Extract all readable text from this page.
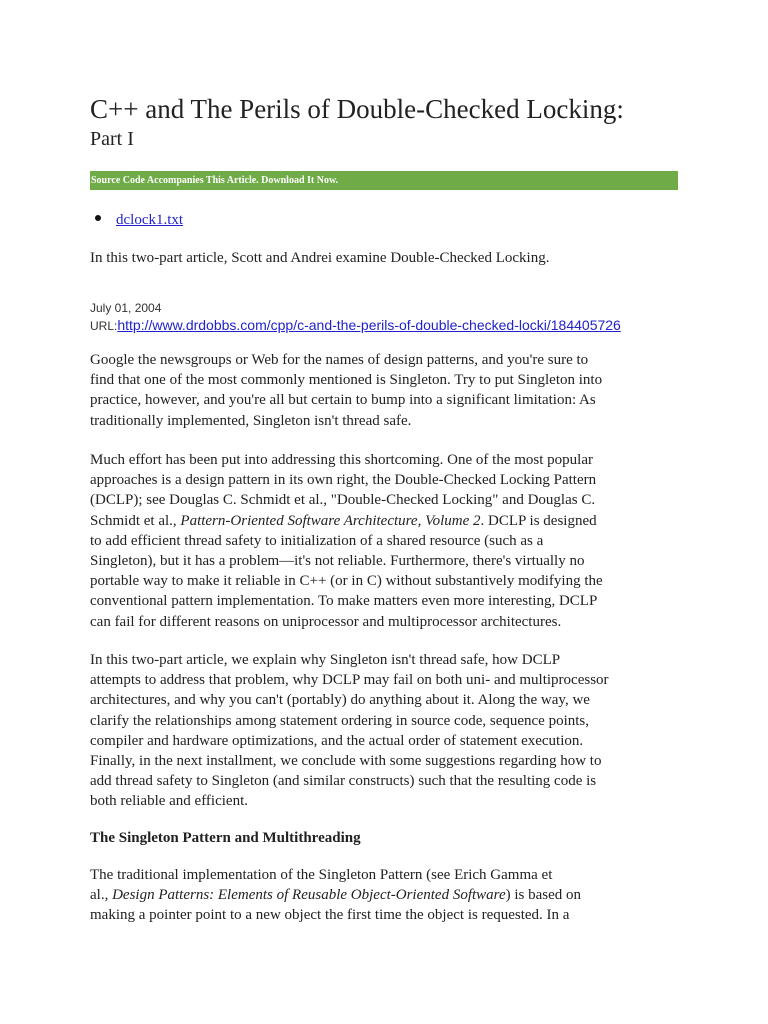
C++ and The Perils of Double-Checked Locking:
Part I
Source Code Accompanies This Article. Download It Now.
dclock1.txt
In this two-part article, Scott and Andrei examine Double-Checked Locking.
July 01, 2004
URL:http://www.drdobbs.com/cpp/c-and-the-perils-of-double-checked-locki/184405726
Google the newsgroups or Web for the names of design patterns, and you're sure to
find that one of the most commonly mentioned is Singleton. Try to put Singleton into
practice, however, and you're all but certain to bump into a significant limitation: As
traditionally implemented, Singleton isn't thread safe.
Much effort has been put into addressing this shortcoming. One of the most popular
approaches is a design pattern in its own right, the Double-Checked Locking Pattern
(DCLP); see Douglas C. Schmidt et al., "Double-Checked Locking" and Douglas C.
Schmidt et al., Pattern-Oriented Software Architecture, Volume 2. DCLP is designed
to add efficient thread safety to initialization of a shared resource (such as a
Singleton), but it has a problem—it's not reliable. Furthermore, there's virtually no
portable way to make it reliable in C++ (or in C) without substantively modifying the
conventional pattern implementation. To make matters even more interesting, DCLP
can fail for different reasons on uniprocessor and multiprocessor architectures.
In this two-part article, we explain why Singleton isn't thread safe, how DCLP
attempts to address that problem, why DCLP may fail on both uni- and multiprocessor
architectures, and why you can't (portably) do anything about it. Along the way, we
clarify the relationships among statement ordering in source code, sequence points,
compiler and hardware optimizations, and the actual order of statement execution.
Finally, in the next installment, we conclude with some suggestions regarding how to
add thread safety to Singleton (and similar constructs) such that the resulting code is
both reliable and efficient.
The Singleton Pattern and Multithreading
The traditional implementation of the Singleton Pattern (see Erich Gamma et
al., Design Patterns: Elements of Reusable Object-Oriented Software) is based on
making a pointer point to a new object the first time the object is requested. In a
